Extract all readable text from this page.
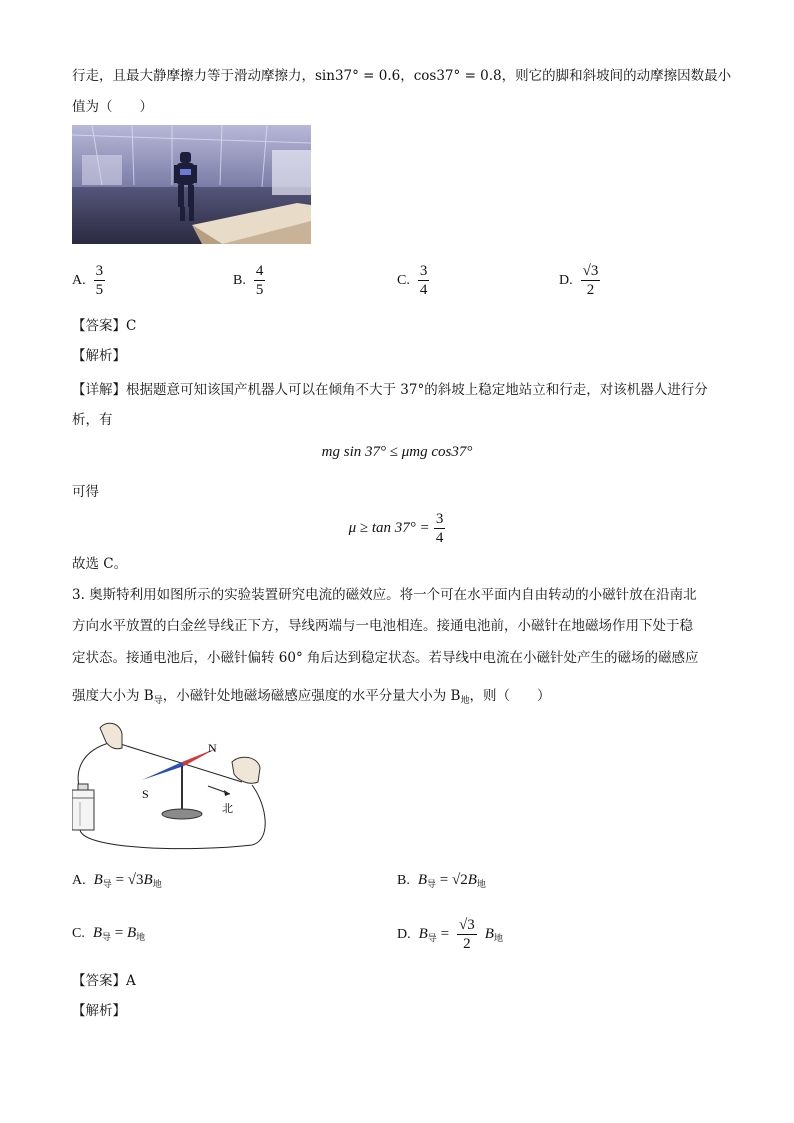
行走，且最大静摩擦力等于滑动摩擦力，sin37° = 0.6，cos37° = 0.8，则它的脚和斜坡间的动摩擦因数最小
值为（　　）
A. $\frac{3}{5}$	B. $\frac{4}{5}$	C. $\frac{3}{4}$	D. $\frac{√3}{2}$
【答案】C
【解析】
【详解】根据题意可知该国产机器人可以在倾角不大于 37°的斜坡上稳定地站立和行走，对该机器人进行分
析，有
mg sin 37° ≤ μmg cos37°
可得
$\mu \ge \tan 37^\circ = \frac{3}{4}$
故选 C。
3. 奥斯特利用如图所示的实验装置研究电流的磁效应。将一个可在水平面内自由转动的小磁针放在沿南北
方向水平放置的白金丝导线正下方，导线两端与一电池相连。接通电池前，小磁针在地磁场作用下处于稳
定状态。接通电池后，小磁针偏转 60° 角后达到稳定状态。若导线中电流在小磁针处产生的磁场的磁感应
强度大小为 $B_导$，小磁针处地磁场磁感应强度的水平分量大小为 $B_地$，则（　　）
N
S
北
A. $B_导 = √3B_地$	B. $B_导 = √2B_地$
C. $B_导 = B_地$	D. $B_导 = \frac{√3}{2} B_地$
【答案】A
【解析】
